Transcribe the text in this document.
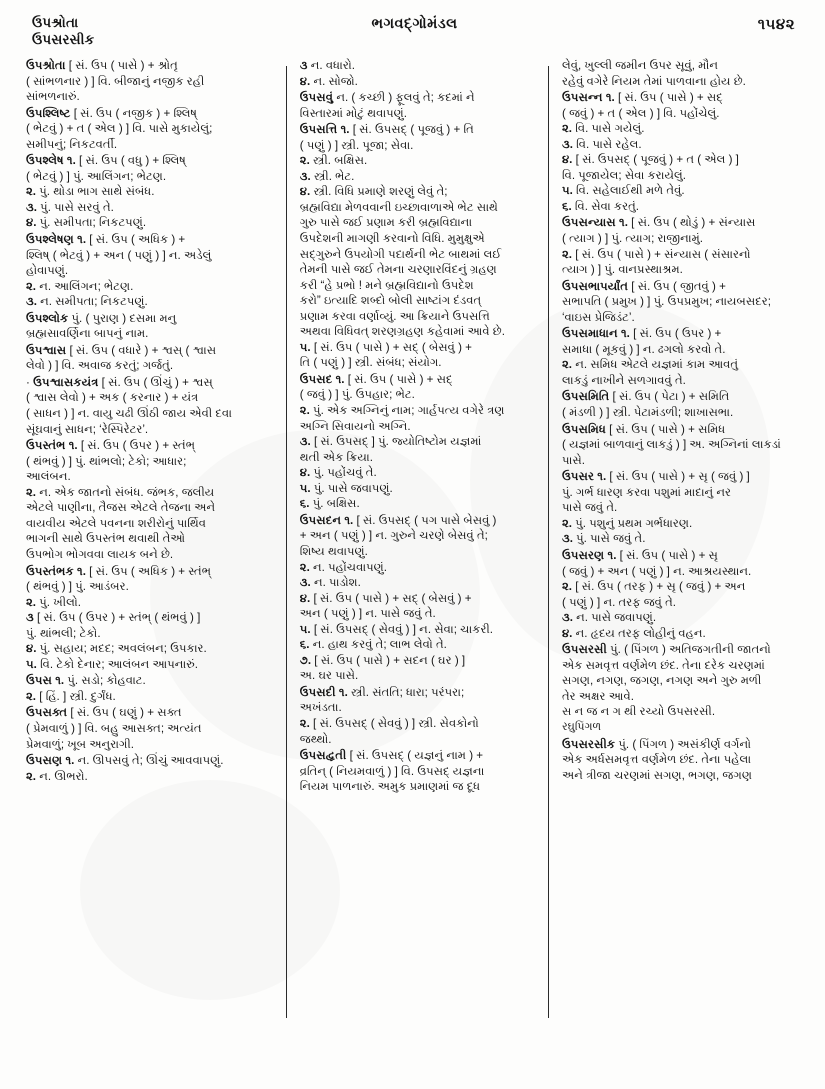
ઉપશ્રોતા
ઉપસરસીક
ભગવદ્ગોમંડલ	૧૫૪૨

ઉપશ્રોતા [ સં. ઉપ ( પાસે ) + શ્રોતૃ

( સાંભળનાર ) ] વિ. બીજાનું નજીક રહી

સાંભળનારું.

ઉપશ્લિષ્ટ [ સં. ઉપ ( નજીક ) + શ્લિષ્

( ભેટવું ) + ત ( એલ ) ] વિ. પાસે મુકાયેલું;

સમીપનું; નિકટવર્તી.

ઉપશ્લેષ ૧. [ સં. ઉપ ( વધુ ) + શ્લિષ્

( ભેટવું ) ] પું. આલિંગન; ભેટણ.

૨. પું. થોડા ભાગ સાથે સંબંધ.

૩. પું. પાસે સરવું તે.

૪. પું. સમીપતા; નિકટપણું.

ઉપશ્લેષણ ૧. [ સં. ઉપ ( અધિક ) +

શ્લિષ્ ( ભેટવું ) + અન ( પણું ) ] ન. અડેલું

હોવાપણું.

૨. ન. આલિંગન; ભેટણ.

૩. ન. સમીપતા; નિકટપણું.

ઉપશ્લોક પું. ( પુરાણ ) દસમા મનુ

બ્રહ્મસાવર્ણિના બાપનું નામ.

ઉપશ્વાસ [ સં. ઉપ ( વધારે ) + શ્વસ્ ( શ્વાસ

લેવો ) ] વિ. અવાજ કરતું; ગર્જતું.

· ઉપશ્વાસકયંત્ર [ સં. ઉપ ( ઊંચું ) + શ્વસ્

( શ્વાસ લેવો ) + અક ( કરનાર ) + યંત્ર

( સાધન ) ] ન. વાયુ ચઢી ઊંઠી જાય એવી દવા

સૂંઘવાનું સાધન; ‘રેસ્પિરેટર’.

ઉપસ્તંભ ૧. [ સં. ઉપ ( ઉપર ) + સ્તંભ્

( થંભવું ) ] પું. થાંભલો; ટેકો; આધાર;

આલંબન.

૨. ન. એક જાતનો સંબંધ. જંભક, જલીય

એટલે પાણીના, તૈજસ એટલે તેજના અને

વાયવીય એટલે પવનના શરીરોનું પાર્થિવ

ભાગની સાથે ઉપસ્તંભ થવાથી તેઓ

ઉપભોગ ભોગવવા લાયક બને છે.

ઉપસ્તંભક ૧. [ સં. ઉપ ( અધિક ) + સ્તંભ્

( થંભવું ) ] પું. આડંબર.

૨. પું. ખીલો.

૩ [ સં. ઉપ ( ઉપર ) + સ્તંભ્ ( થંભવું ) ]

પું. થાંભલી; ટેકો.

૪. પું. સહાય; મદદ; અવલંબન; ઉપકાર.

૫. વિ. ટેકો દેનાર; આલંબન આપનારું.

ઉપસ ૧. પું. સડો; કોહવાટ.

૨. [ હિં. ] સ્ત્રી. દુર્ગંધ.

ઉપસક્ત [ સં. ઉપ ( ઘણું ) + સક્ત

( પ્રેમવાળું ) ] વિ. બહુ આસક્ત; અત્યંત

પ્રેમવાળું; ખૂબ અનુરાગી.

ઉપસણ ૧. ન. ઊપસવું તે; ઊંચું આવવાપણું.

૨. ન. ઊભરો.

૩ ન. વધારો.

૪. ન. સોજો.

ઉપસવું ન. ( કચ્છી ) ફૂલવું તે; કદમાં ને

વિસ્તારમાં મોટું થવાપણું.

ઉપસત્તિ ૧. [ સં. ઉપસદ્ ( પૂજવું ) + તિ

( પણું ) ] સ્ત્રી. પૂજા; સેવા.

૨. સ્ત્રી. બક્ષિસ.

૩. સ્ત્રી. ભેટ.

૪. સ્ત્રી. વિધિ પ્રમાણે શરણું લેવું તે;

બ્રહ્મવિદ્યા મેળવવાની ઇચ્છાવાળાએ ભેટ સાથે

ગુરુ પાસે જઈ પ્રણામ કરી બ્રહ્મવિદ્યાના

ઉપદેશની માગણી કરવાનો વિધિ. મુમુક્ષુએ

સદ્‌ગુરુને ઉપયોગી પદાર્થની ભેટ બાથમાં લઈ

તેમની પાસે જઈ તેમના ચરણારવિંદનું ગ્રહણ

કરી “હે પ્રભો ! મને બ્રહ્મવિદ્યાનો ઉપદેશ

કરો” ઇત્યાદિ શબ્દો બોલી સાષ્ટાંગ દંડવત્

પ્રણામ કરવા વર્ણાવ્યું. આ ક્રિયાને ઉપસત્તિ

અથવા વિધિવત્ શરણગ્રહણ કહેવામાં આવે છે.

૫. [ સં. ઉપ ( પાસે ) + સદ્ ( બેસવું ) +

તિ ( પણું ) ] સ્ત્રી. સંબંધ; સંયોગ.

ઉપસદ ૧. [ સં. ઉપ ( પાસે ) + સદ્

( જવું ) ] પું. ઉપહાર; ભેટ.

૨. પું. એક અગ્નિનું નામ; ગાર્હપત્ય વગેરે ત્રણ

અગ્નિ સિવાયનો અગ્નિ.

૩. [ સં. ઉપસદ્ ] પું. જ્યોતિષ્ટોમ યજ્ઞમાં

થતી એક ક્રિયા.

૪. પું. પહોંચવું તે.

૫. પું. પાસે જવાપણું.

૬. પું. બક્ષિસ.

ઉપસદન ૧. [ સં. ઉપસદ્ ( પગ પાસે બેસવું )

+ અન ( પણું ) ] ન. ગુરુને ચરણે બેસવું તે;

શિષ્ય થવાપણું.

૨. ન. પહોંચવાપણું.

૩. ન. પાડોશ.

૪. [ સં. ઉપ ( પાસે ) + સદ્ ( બેસવું ) +

અન ( પણું ) ] ન. પાસે જવું તે.

૫. [ સં. ઉપસદ્ ( સેવવું ) ] ન. સેવા; ચાકરી.

૬. ન. હાથ કરવું તે; લાભ લેવો તે.

૭. [ સં. ઉપ ( પાસે ) + સદન ( ઘર ) ]

અ. ઘર પાસે.

ઉપસદી ૧. સ્ત્રી. સંતતિ; ધારા; પરંપરા;

અખંડતા.

૨. [ સં. ઉપસદ્ ( સેવવું ) ] સ્ત્રી. સેવકોનો

જથ્થો.

ઉપસદ્વ્રતી [ સં. ઉપસદ્ ( યજ્ઞનું નામ ) +

વ્રતિન્ ( નિયમવાળું ) ] વિ. ઉપસદ્ યજ્ઞના

નિયમ પાળનારું. અમુક પ્રમાણમાં જ દૂધ

લેવું, ખુલ્લી જમીન ઉપર સૂવું, મૌન

રહેવું વગેરે નિયમ તેમાં પાળવાના હોય છે.

ઉપસન્ન ૧. [ સં. ઉપ ( પાસે ) + સદ્

( જવું ) + ત ( એલ ) ] વિ. પહોંચેલું.

૨. વિ. પાસે ગયેલું.

૩. વિ. પાસે રહેલ.

૪. [ સં. ઉપસદ્ ( પૂજવું ) + ત ( એલ ) ]

વિ. પૂજાયેલ; સેવા કરાયેલું.

૫. વિ. સહેલાઈથી મળે તેવું.

૬. વિ. સેવા કરતું.

ઉપસન્યાસ ૧. [ સં. ઉપ ( થોડું ) + સંન્યાસ

( ત્યાગ ) ] પું. ત્યાગ; રાજીનામું.

૨. [ સં. ઉપ ( પાસે ) + સંન્યાસ ( સંસારનો

ત્યાગ ) ] પું. વાનપ્રસ્થાશ્રમ.

ઉપસભાપર્યાંત [ સં. ઉપ ( જીતવું ) +

સભાપતિ ( પ્રમુખ ) ] પું. ઉપપ્રમુખ; નાયબસદર;

‘વાઇસ પ્રેજિડંટ’.

ઉપસમાધાન ૧. [ સં. ઉપ ( ઉપર ) +

સમાધા ( મૂકવું ) ] ન. ઢગલો કરવો તે.

૨. ન. સમિધ એટલે યજ્ઞમાં કામ આવતું

લાકડું નાખીને સળગાવવું તે.

ઉપસમિતિ [ સં. ઉપ ( પેટા ) + સમિતિ

( મંડળી ) ] સ્ત્રી. પેટામંડળી; શાખાસભા.

ઉપસમિધ [ સં. ઉપ ( પાસે ) + સમિધ

( યજ્ઞમાં બાળવાનું લાકડું ) ] અ. અગ્નિનાં લાકડાં

પાસે.

ઉપસર ૧. [ સં. ઉપ ( પાસે ) + સૃ ( જવું ) ]

પું. ગર્ભ ધારણ કરવા પશુમાં માદાનું નર

પાસે જવું તે.

૨. પું. પશુનું પ્રથમ ગર્ભધારણ.

૩. પું. પાસે જવું તે.

ઉપસરણ ૧. [ સં. ઉપ ( પાસે ) + સૃ

( જવું ) + અન ( પણું ) ] ન. આશ્રયસ્થાન.

૨. [ સં. ઉપ ( તરફ ) + સૃ ( જવું ) + અન

( પણું ) ] ન. તરફ જવું તે.

૩. ન. પાસે જવાપણું.

૪. ન. હૃદય તરફ લોહીનું વહન.

ઉપસરસી પું. ( પિંગળ ) અતિજગતીની જાતનો

એક સમવૃત્ત વર્ણમેળ છંદ. તેના દરેક ચરણમાં

સગણ, નગણ, જગણ, નગણ અને ગુરુ મળી

તેર અક્ષર આવે.

સ ન જ ન ગ થી રચ્યો ઉપસરસી.

રઘુપિંગળ

ઉપસરસીક પું. ( પિંગળ ) અસંકીર્ણ વર્ગનો

એક અર્ધસમવૃત્ત વર્ણમેળ છંદ. તેના પહેલા

અને ત્રીજા ચરણમાં સગણ, ભગણ, જગણ
